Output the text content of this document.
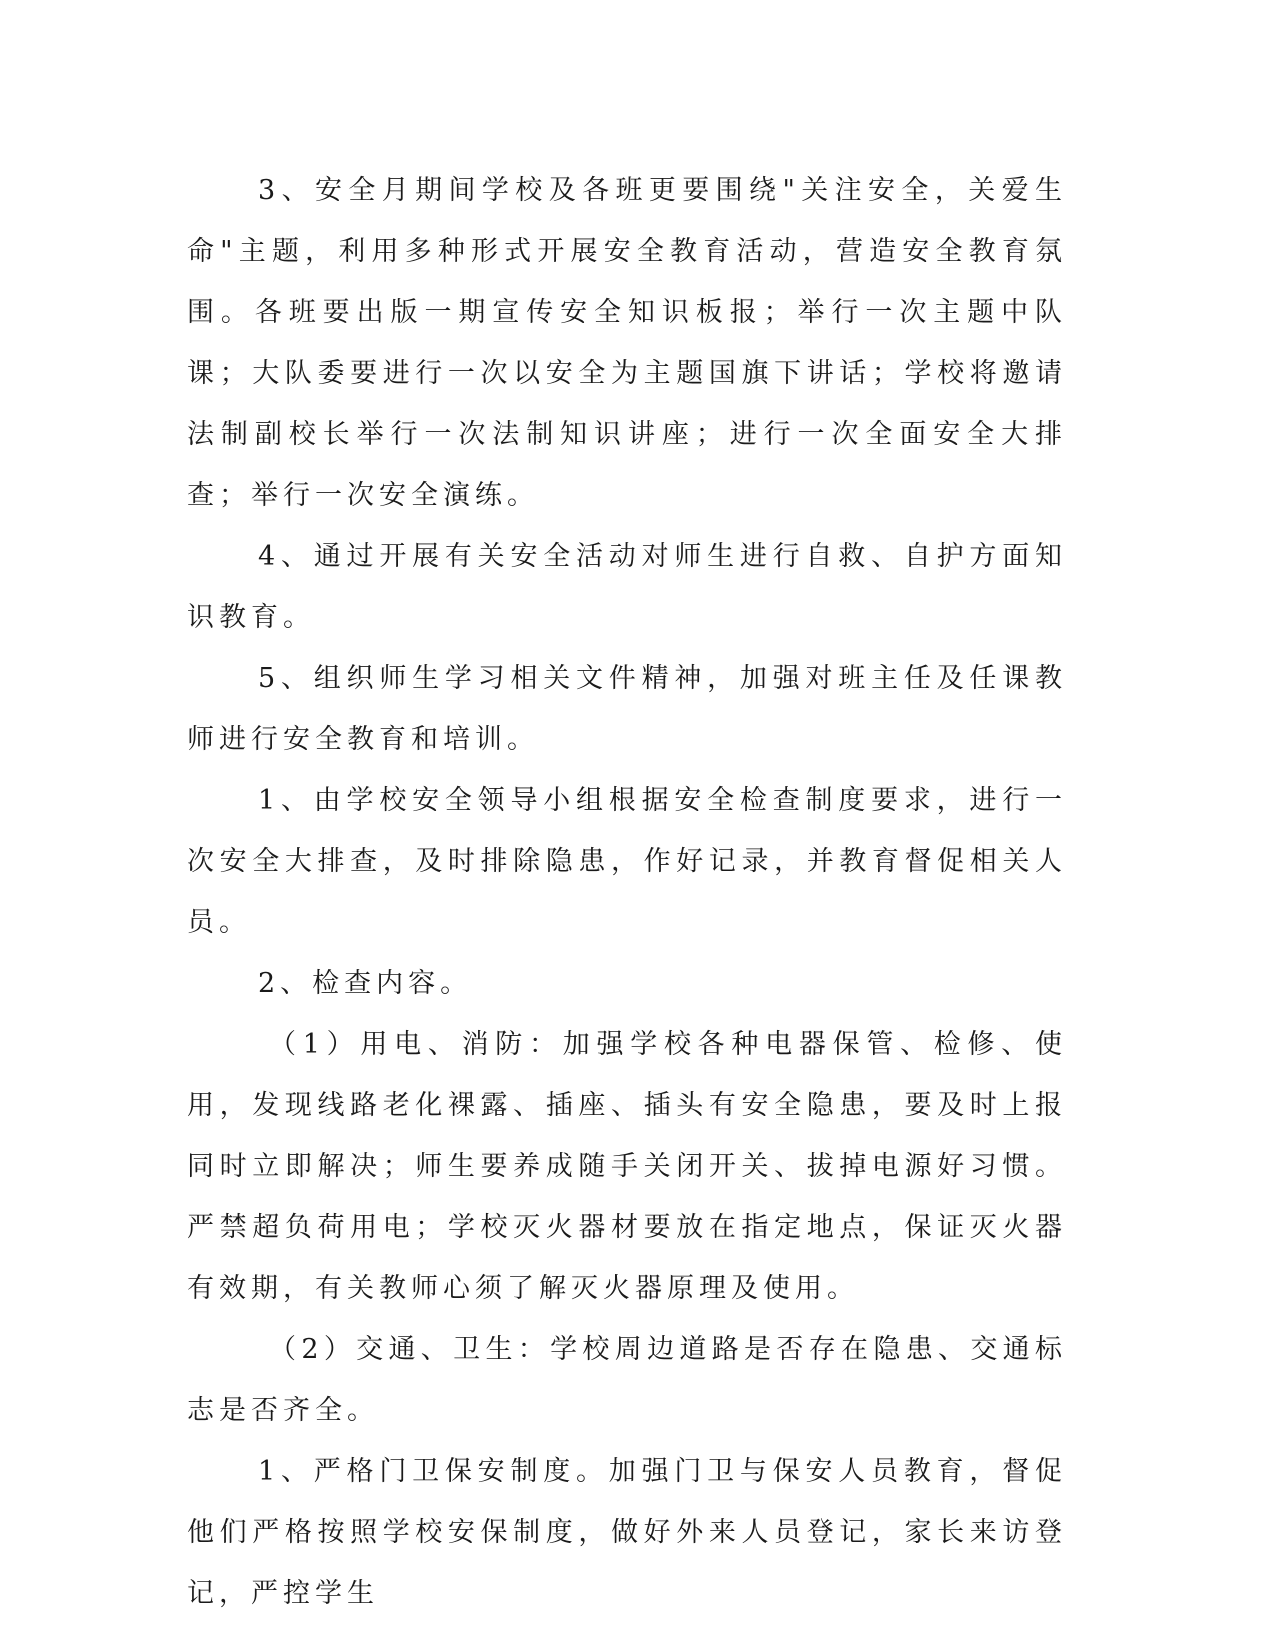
3、安全月期间学校及各班更要围绕"关注安全，关爱生命"主题，利用多种形式开展安全教育活动，营造安全教育氛围。各班要出版一期宣传安全知识板报；举行一次主题中队课；大队委要进行一次以安全为主题国旗下讲话；学校将邀请法制副校长举行一次法制知识讲座；进行一次全面安全大排查；举行一次安全演练。

4、通过开展有关安全活动对师生进行自救、自护方面知识教育。

5、组织师生学习相关文件精神，加强对班主任及任课教师进行安全教育和培训。

1、由学校安全领导小组根据安全检查制度要求，进行一次安全大排查，及时排除隐患，作好记录，并教育督促相关人员。

2、检查内容。

（1）用电、消防：加强学校各种电器保管、检修、使用，发现线路老化裸露、插座、插头有安全隐患，要及时上报同时立即解决；师生要养成随手关闭开关、拔掉电源好习惯。严禁超负荷用电；学校灭火器材要放在指定地点，保证灭火器有效期，有关教师心须了解灭火器原理及使用。

（2）交通、卫生：学校周边道路是否存在隐患、交通标志是否齐全。

1、严格门卫保安制度。加强门卫与保安人员教育，督促他们严格按照学校安保制度，做好外来人员登记，家长来访登记，严控学生
